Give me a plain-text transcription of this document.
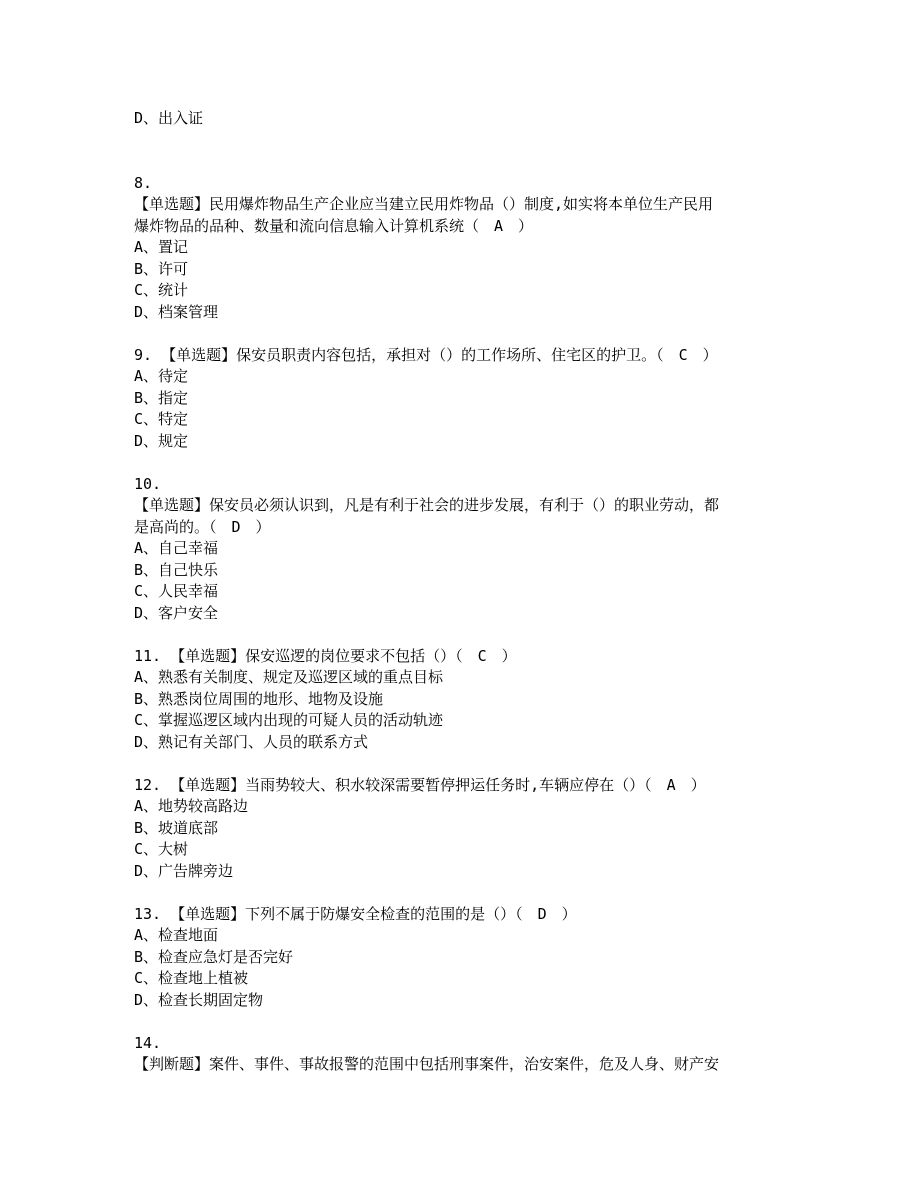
D、出入证
8.
【单选题】民用爆炸物品生产企业应当建立民用炸物品（）制度,如实将本单位生产民用
爆炸物品的品种、数量和流向信息输入计算机系统（　A　）
A、置记
B、许可
C、统计
D、档案管理
9. 【单选题】保安员职责内容包括，承担对（）的工作场所、住宅区的护卫。（　C　）
A、待定
B、指定
C、特定
D、规定
10.
【单选题】保安员必须认识到，凡是有利于社会的进步发展，有利于（）的职业劳动，都
是高尚的。（　D　）
A、自己幸福
B、自己快乐
C、人民幸福
D、客户安全
11. 【单选题】保安巡逻的岗位要求不包括（）（　C　）
A、熟悉有关制度、规定及巡逻区域的重点目标
B、熟悉岗位周围的地形、地物及设施
C、掌握巡逻区域内出现的可疑人员的活动轨迹
D、熟记有关部门、人员的联系方式
12. 【单选题】当雨势较大、积水较深需要暂停押运任务时,车辆应停在（）（　A　）
A、地势较高路边
B、坡道底部
C、大树
D、广告牌旁边
13. 【单选题】下列不属于防爆安全检查的范围的是（）（　D　）
A、检查地面
B、检查应急灯是否完好
C、检查地上植被
D、检查长期固定物
14.
【判断题】案件、事件、事故报警的范围中包括刑事案件，治安案件，危及人身、财产安
